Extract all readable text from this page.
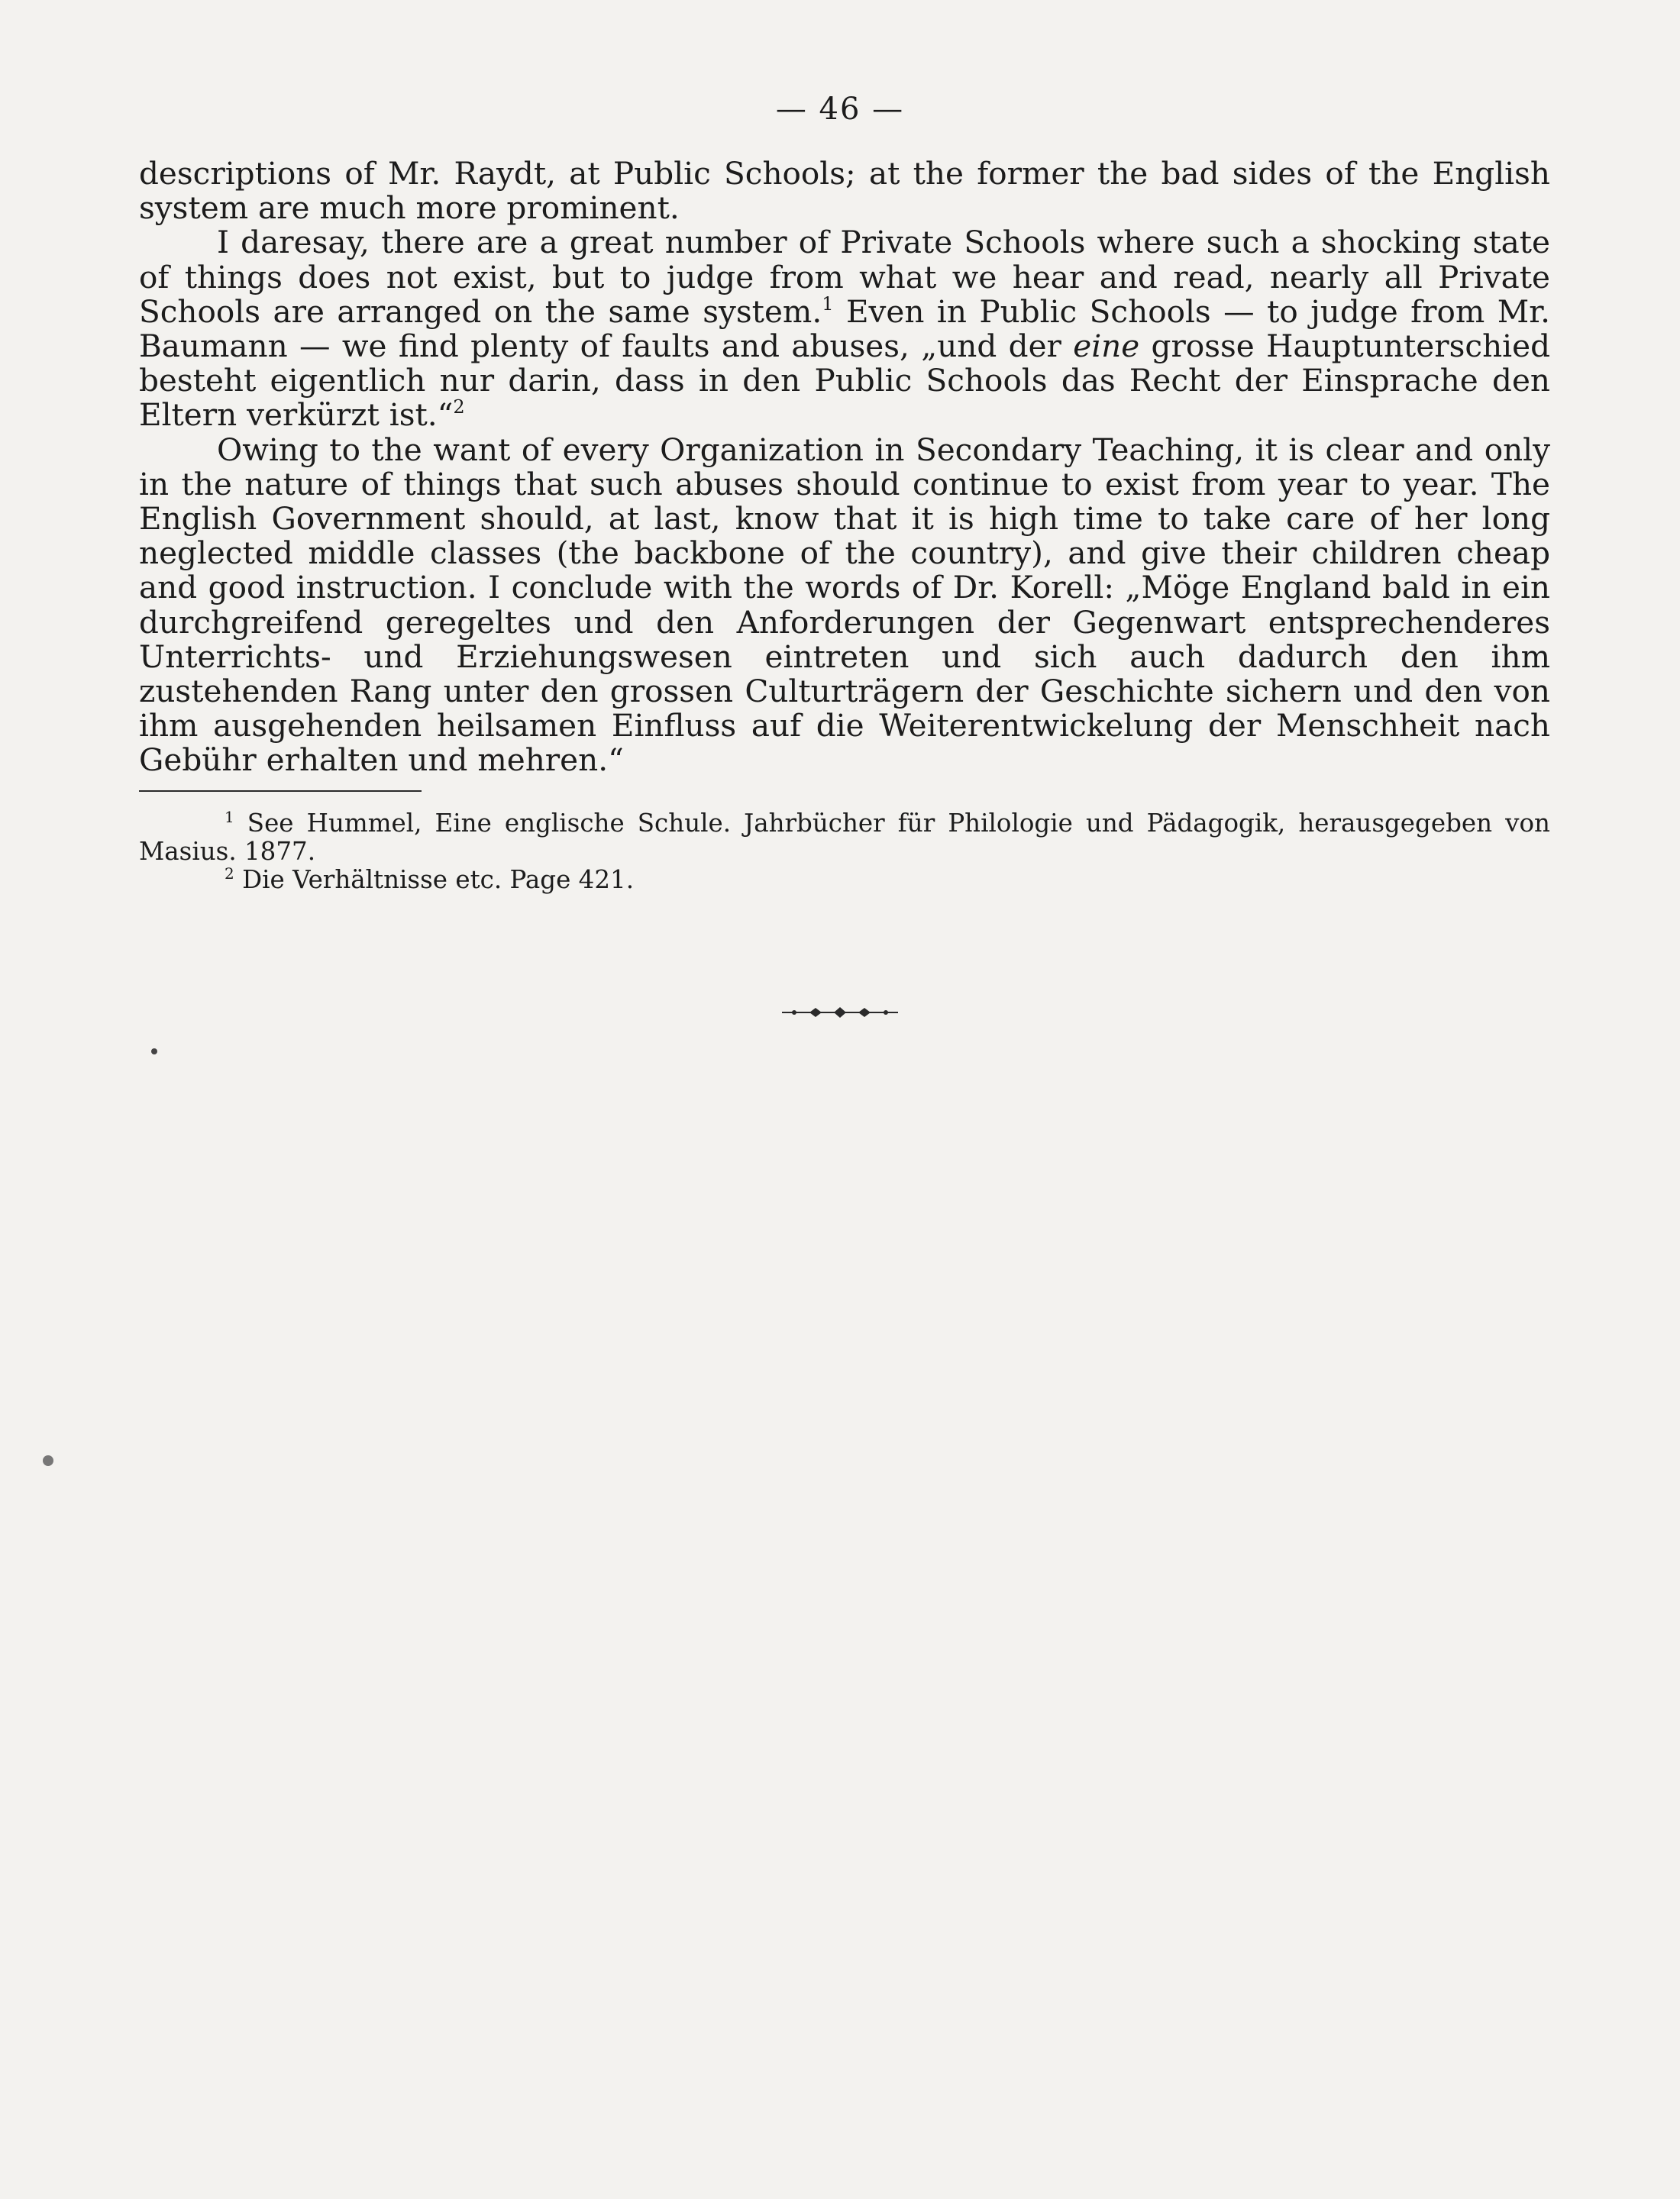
— 46 —

descriptions of Mr. Raydt, at Public Schools; at the former the bad sides of the English system are much more prominent.

I daresay, there are a great number of Private Schools where such a shocking state of things does not exist, but to judge from what we hear and read, nearly all Private Schools are arranged on the same system.$^1$ Even in Public Schools — to judge from Mr. Baumann — we find plenty of faults and abuses, „und der eine grosse Hauptunterschied besteht eigentlich nur darin, dass in den Public Schools das Recht der Einsprache den Eltern verkürzt ist.“$^2$

Owing to the want of every Organization in Secondary Teaching, it is clear and only in the nature of things that such abuses should continue to exist from year to year. The English Government should, at last, know that it is high time to take care of her long neglected middle classes (the backbone of the country), and give their children cheap and good instruction. I conclude with the words of Dr. Korell: „Möge England bald in ein durchgreifend geregeltes und den Anforderungen der Gegenwart entsprechenderes Unterrichts- und Erziehungswesen eintreten und sich auch dadurch den ihm zustehenden Rang unter den grossen Culturträgern der Geschichte sichern und den von ihm ausgehenden heilsamen Einfluss auf die Weiterentwickelung der Menschheit nach Gebühr erhalten und mehren.“

$^1$ See Hummel, Eine englische Schule. Jahrbücher für Philologie und Pädagogik, herausgegeben von Masius. 1877.

$^2$ Die Verhältnisse etc. Page 421.
